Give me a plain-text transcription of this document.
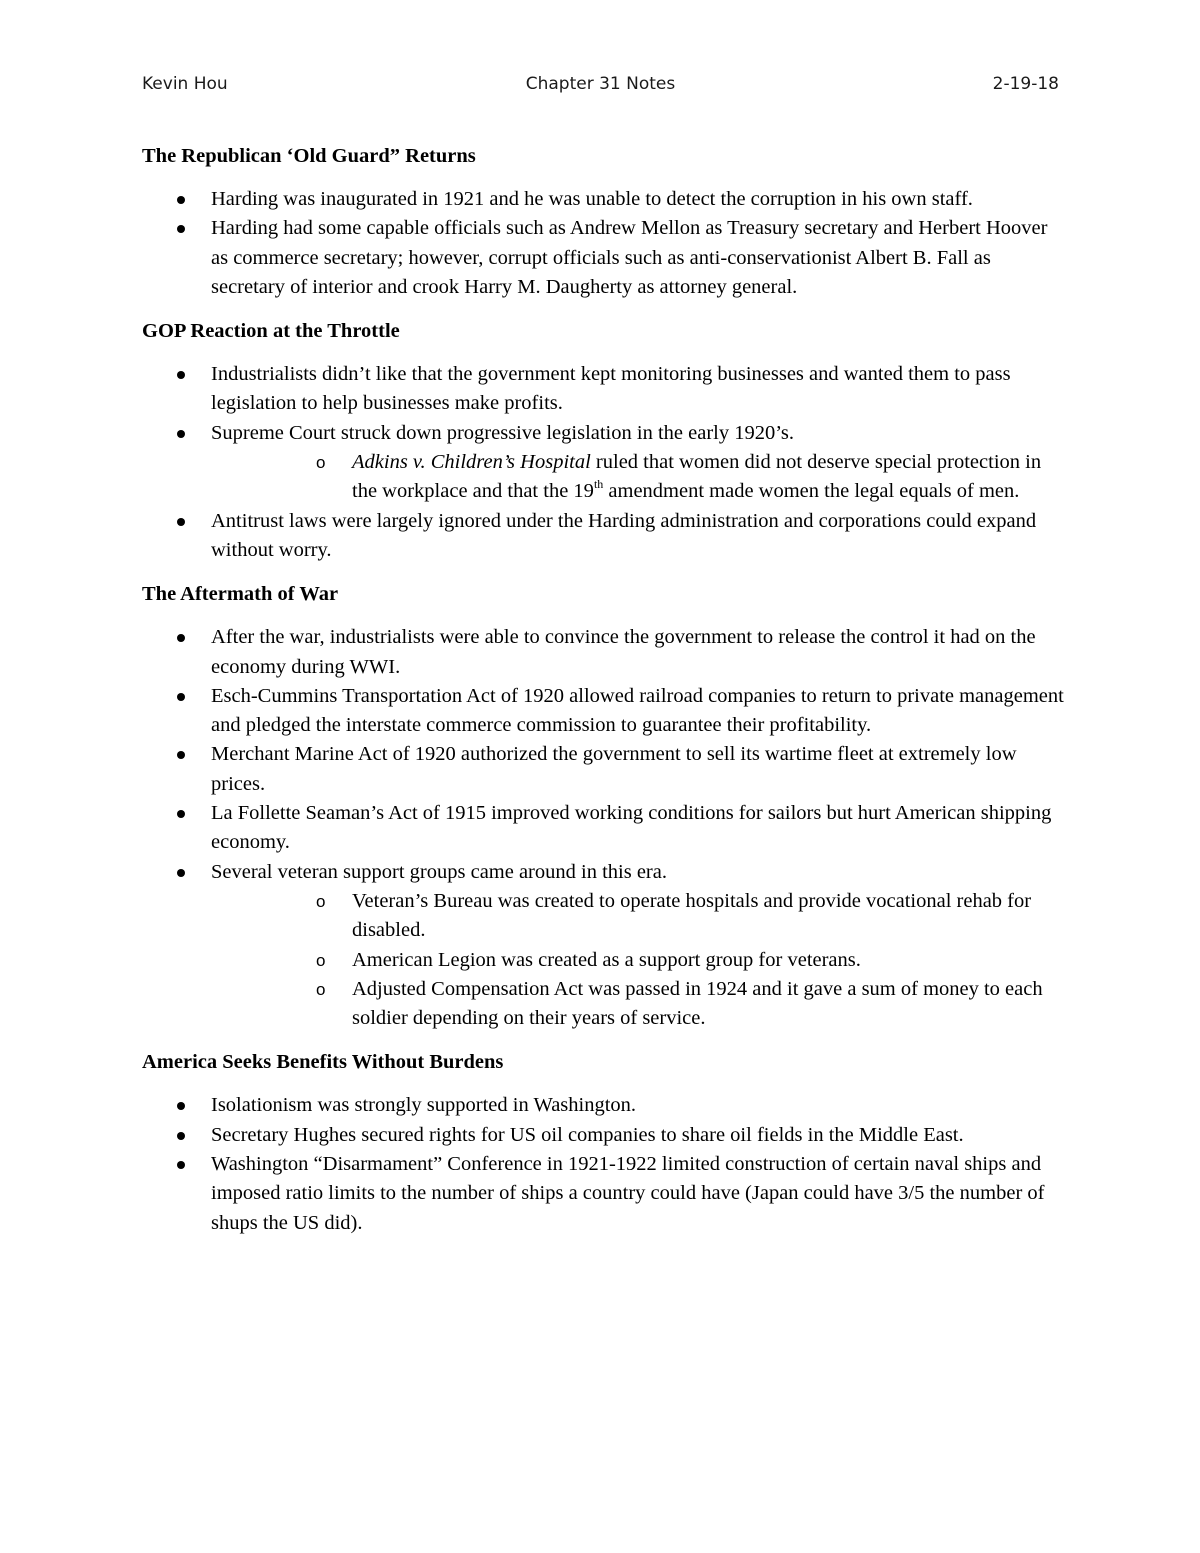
Kevin Hou	Chapter 31 Notes	2-19-18
The Republican ‘Old Guard” Returns
Harding was inaugurated in 1921 and he was unable to detect the corruption in his own staff.
Harding had some capable officials such as Andrew Mellon as Treasury secretary and Herbert Hoover as commerce secretary; however, corrupt officials such as anti-conservationist Albert B. Fall as secretary of interior and crook Harry M. Daugherty as attorney general.
GOP Reaction at the Throttle
Industrialists didn’t like that the government kept monitoring businesses and wanted them to pass legislation to help businesses make profits.
Supreme Court struck down progressive legislation in the early 1920’s.
o Adkins v. Children’s Hospital ruled that women did not deserve special protection in the workplace and that the 19th amendment made women the legal equals of men.
Antitrust laws were largely ignored under the Harding administration and corporations could expand without worry.
The Aftermath of War
After the war, industrialists were able to convince the government to release the control it had on the economy during WWI.
Esch-Cummins Transportation Act of 1920 allowed railroad companies to return to private management and pledged the interstate commerce commission to guarantee their profitability.
Merchant Marine Act of 1920 authorized the government to sell its wartime fleet at extremely low prices.
La Follette Seaman’s Act of 1915 improved working conditions for sailors but hurt American shipping economy.
Several veteran support groups came around in this era.
o Veteran’s Bureau was created to operate hospitals and provide vocational rehab for disabled.
o American Legion was created as a support group for veterans.
o Adjusted Compensation Act was passed in 1924 and it gave a sum of money to each soldier depending on their years of service.
America Seeks Benefits Without Burdens
Isolationism was strongly supported in Washington.
Secretary Hughes secured rights for US oil companies to share oil fields in the Middle East.
Washington “Disarmament” Conference in 1921-1922 limited construction of certain naval ships and imposed ratio limits to the number of ships a country could have (Japan could have 3/5 the number of shups the US did).
